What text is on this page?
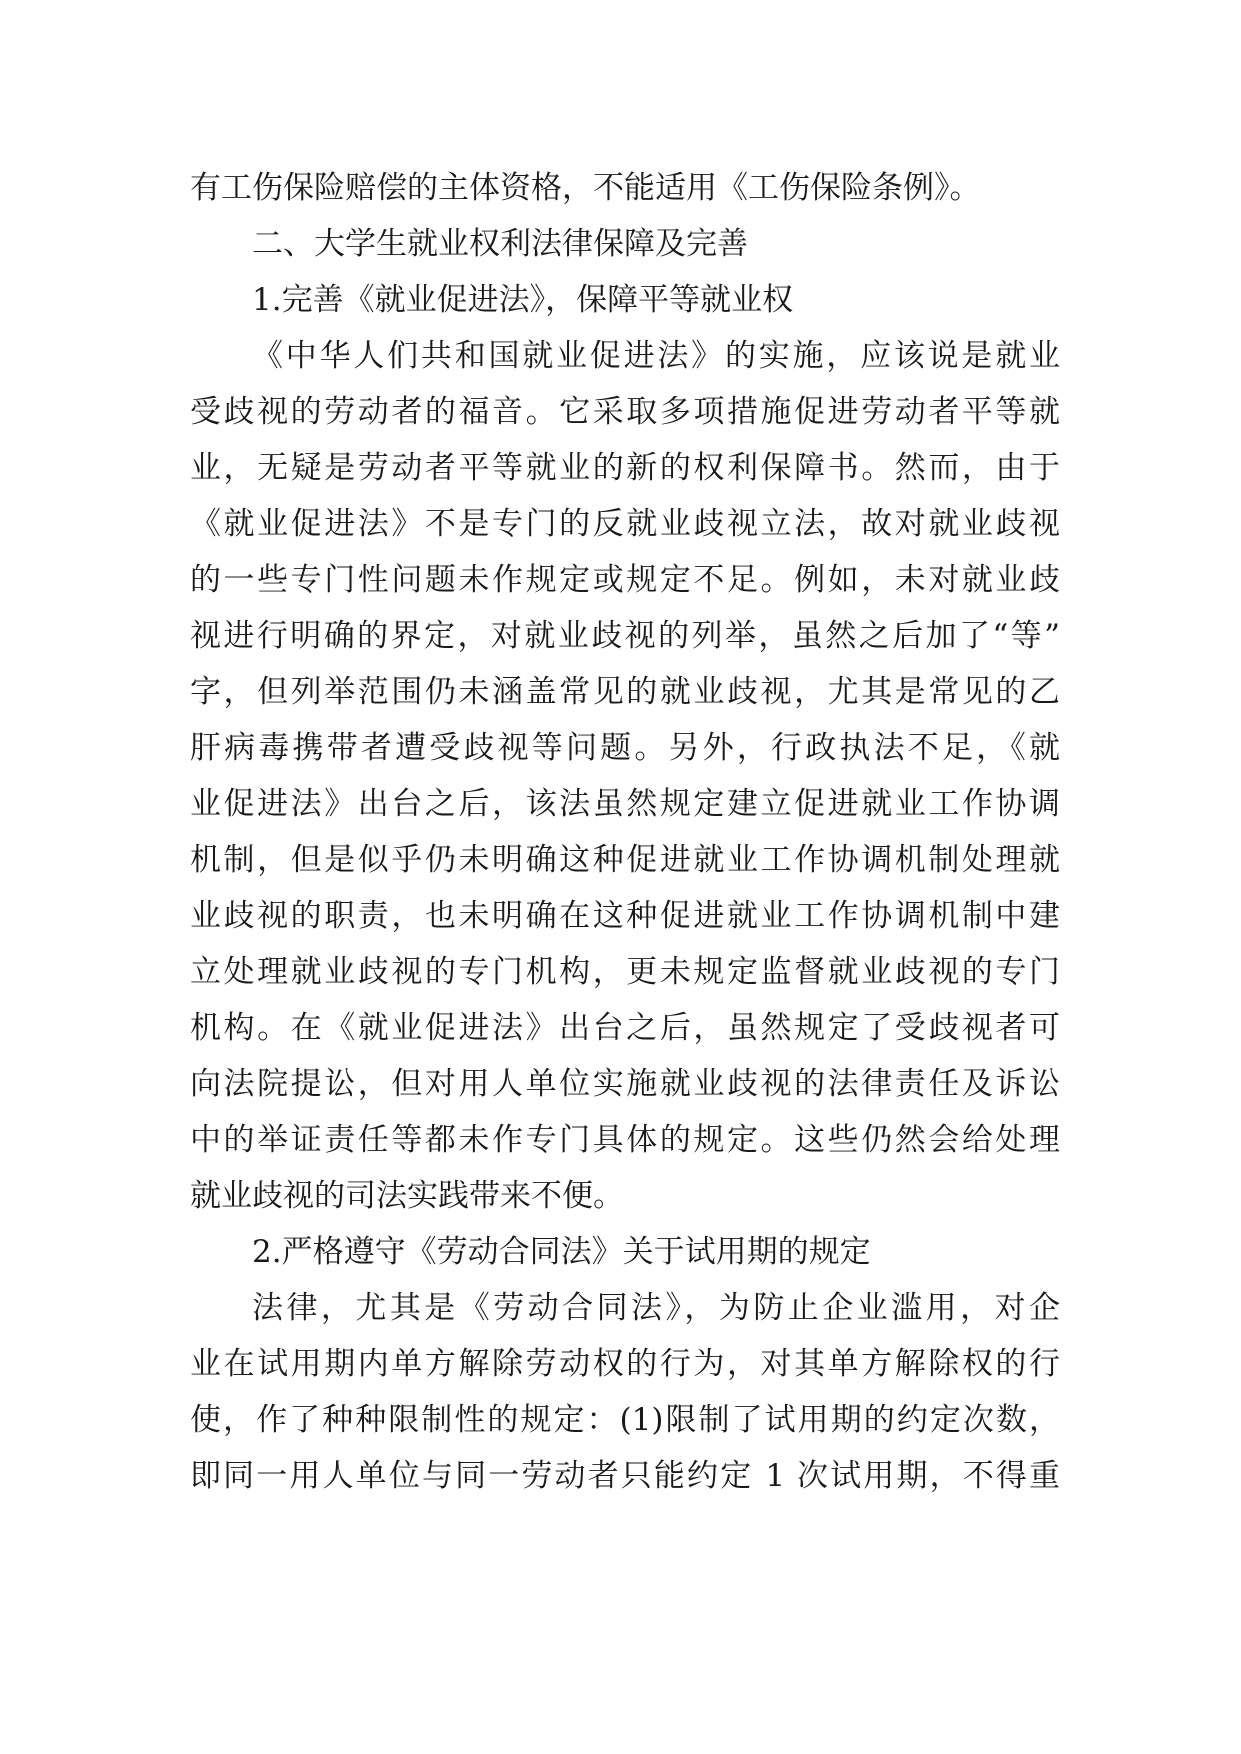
有工伤保险赔偿的主体资格，不能适用《工伤保险条例》。
二、大学生就业权利法律保障及完善
1.完善《就业促进法》，保障平等就业权
《中华人们共和国就业促进法》的实施，应该说是就业
受歧视的劳动者的福音。它采取多项措施促进劳动者平等就
业，无疑是劳动者平等就业的新的权利保障书。然而，由于
《就业促进法》不是专门的反就业歧视立法，故对就业歧视
的一些专门性问题未作规定或规定不足。例如，未对就业歧
视进行明确的界定，对就业歧视的列举，虽然之后加了“等”
字，但列举范围仍未涵盖常见的就业歧视，尤其是常见的乙
肝病毒携带者遭受歧视等问题。另外，行政执法不足，《就
业促进法》出台之后，该法虽然规定建立促进就业工作协调
机制，但是似乎仍未明确这种促进就业工作协调机制处理就
业歧视的职责，也未明确在这种促进就业工作协调机制中建
立处理就业歧视的专门机构，更未规定监督就业歧视的专门
机构。在《就业促进法》出台之后，虽然规定了受歧视者可
向法院提讼，但对用人单位实施就业歧视的法律责任及诉讼
中的举证责任等都未作专门具体的规定。这些仍然会给处理
就业歧视的司法实践带来不便。
2.严格遵守《劳动合同法》关于试用期的规定
法律，尤其是《劳动合同法》，为防止企业滥用，对企
业在试用期内单方解除劳动权的行为，对其单方解除权的行
使，作了种种限制性的规定：(1)限制了试用期的约定次数，
即同一用人单位与同一劳动者只能约定 1 次试用期，不得重
